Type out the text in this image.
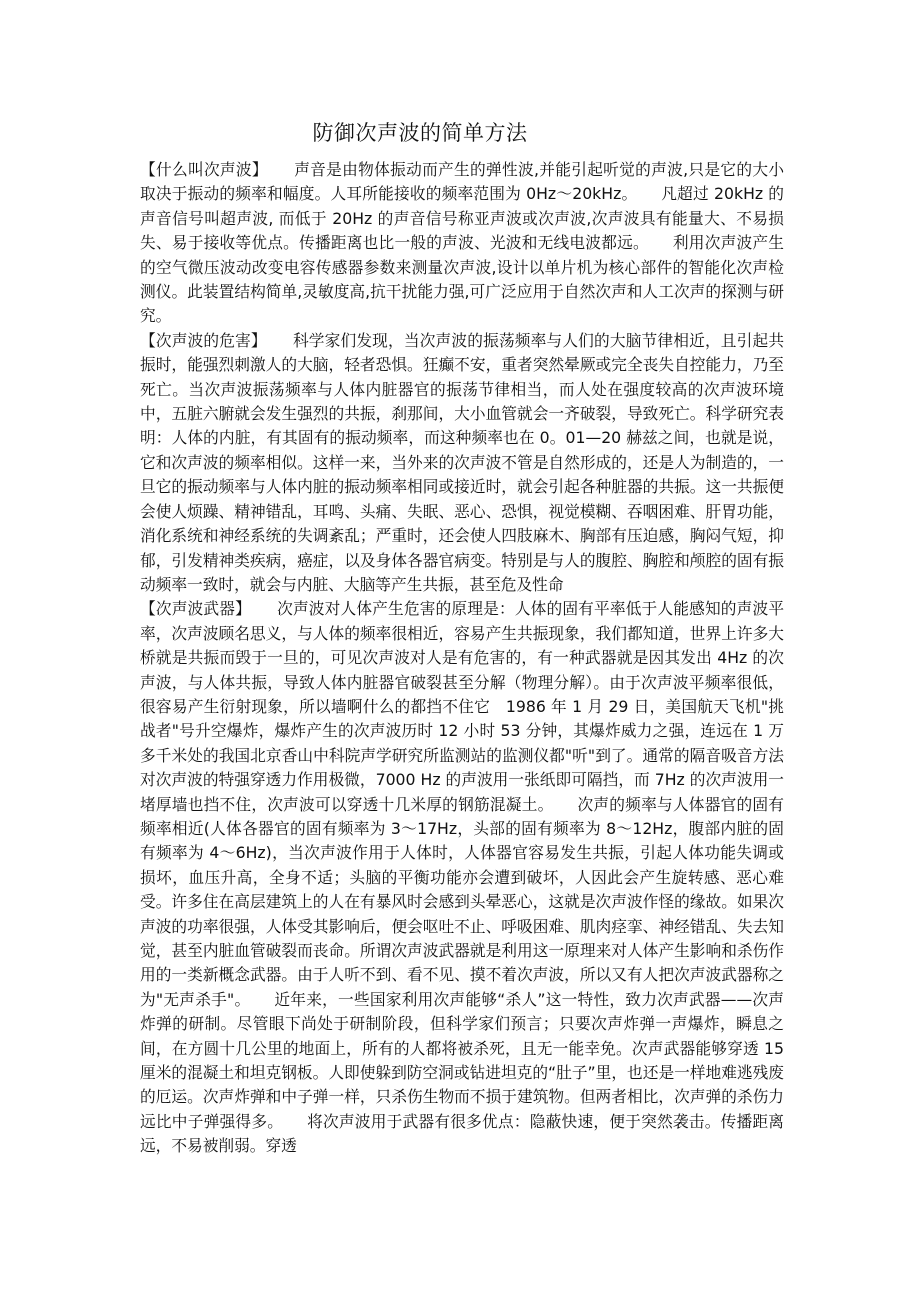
防御次声波的简单方法

【什么叫次声波】 声音是由物体振动而产生的弹性波,并能引起听觉的声波,只是它的大小取决于振动的频率和幅度。人耳所能接收的频率范围为 0Hz～20kHz。　　凡超过 20kHz 的声音信号叫超声波, 而低于 20Hz 的声音信号称亚声波或次声波,次声波具有能量大、不易损失、易于接收等优点。传播距离也比一般的声波、光波和无线电波都远。　　利用次声波产生的空气微压波动改变电容传感器参数来测量次声波,设计以单片机为核心部件的智能化次声检测仪。此装置结构简单,灵敏度高,抗干扰能力强,可广泛应用于自然次声和人工次声的探测与研究。

【次声波的危害】 科学家们发现，当次声波的振荡频率与人们的大脑节律相近，且引起共振时，能强烈刺激人的大脑，轻者恐惧。狂癫不安，重者突然晕厥或完全丧失自控能力，乃至死亡。当次声波振荡频率与人体内脏器官的振荡节律相当，而人处在强度较高的次声波环境中，五脏六腑就会发生强烈的共振，刹那间，大小血管就会一齐破裂，导致死亡。科学研究表明：人体的内脏，有其固有的振动频率，而这种频率也在 0。01—20 赫兹之间，也就是说，它和次声波的频率相似。这样一来，当外来的次声波不管是自然形成的，还是人为制造的，一旦它的振动频率与人体内脏的振动频率相同或接近时，就会引起各种脏器的共振。这一共振便会使人烦躁、精神错乱，耳鸣、头痛、失眠、恶心、恐惧，视觉模糊、吞咽困难、肝胃功能，消化系统和神经系统的失调紊乱；严重时，还会使人四肢麻木、胸部有压迫感，胸闷气短，抑郁，引发精神类疾病，癌症，以及身体各器官病变。特别是与人的腹腔、胸腔和颅腔的固有振动频率一致时，就会与内脏、大脑等产生共振，甚至危及性命

【次声波武器】 次声波对人体产生危害的原理是：人体的固有平率低于人能感知的声波平率，次声波顾名思义，与人体的频率很相近，容易产生共振现象，我们都知道，世界上许多大桥就是共振而毁于一旦的，可见次声波对人是有危害的，有一种武器就是因其发出 4Hz 的次声波，与人体共振，导致人体内脏器官破裂甚至分解（物理分解）。由于次声波平频率很低，很容易产生衍射现象，所以墙啊什么的都挡不住它　1986 年 1 月 29 日，美国航天飞机"挑战者"号升空爆炸，爆炸产生的次声波历时 12 小时 53 分钟，其爆炸威力之强，连远在 1 万多千米处的我国北京香山中科院声学研究所监测站的监测仪都"听"到了。通常的隔音吸音方法对次声波的特强穿透力作用极微，7000 Hz 的声波用一张纸即可隔挡，而 7Hz 的次声波用一堵厚墙也挡不住，次声波可以穿透十几米厚的钢筋混凝土。　　次声的频率与人体器官的固有频率相近(人体各器官的固有频率为 3～17Hz，头部的固有频率为 8～12Hz，腹部内脏的固有频率为 4～6Hz)，当次声波作用于人体时，人体器官容易发生共振，引起人体功能失调或损坏，血压升高，全身不适；头脑的平衡功能亦会遭到破坏，人因此会产生旋转感、恶心难受。许多住在高层建筑上的人在有暴风时会感到头晕恶心，这就是次声波作怪的缘故。如果次声波的功率很强，人体受其影响后，便会呕吐不止、呼吸困难、肌肉痉挛、神经错乱、失去知觉，甚至内脏血管破裂而丧命。所谓次声波武器就是利用这一原理来对人体产生影响和杀伤作用的一类新概念武器。由于人听不到、看不见、摸不着次声波，所以又有人把次声波武器称之为"无声杀手"。　　近年来，一些国家利用次声能够“杀人”这一特性，致力次声武器——次声炸弹的研制。尽管眼下尚处于研制阶段，但科学家们预言；只要次声炸弹一声爆炸，瞬息之间，在方圆十几公里的地面上，所有的人都将被杀死，且无一能幸免。次声武器能够穿透 15 厘米的混凝土和坦克钢板。人即使躲到防空洞或钻进坦克的“肚子”里，也还是一样地难逃残废的厄运。次声炸弹和中子弹一样，只杀伤生物而不损于建筑物。但两者相比，次声弹的杀伤力远比中子弹强得多。　　将次声波用于武器有很多优点：隐蔽快速，便于突然袭击。传播距离远，不易被削弱。穿透
